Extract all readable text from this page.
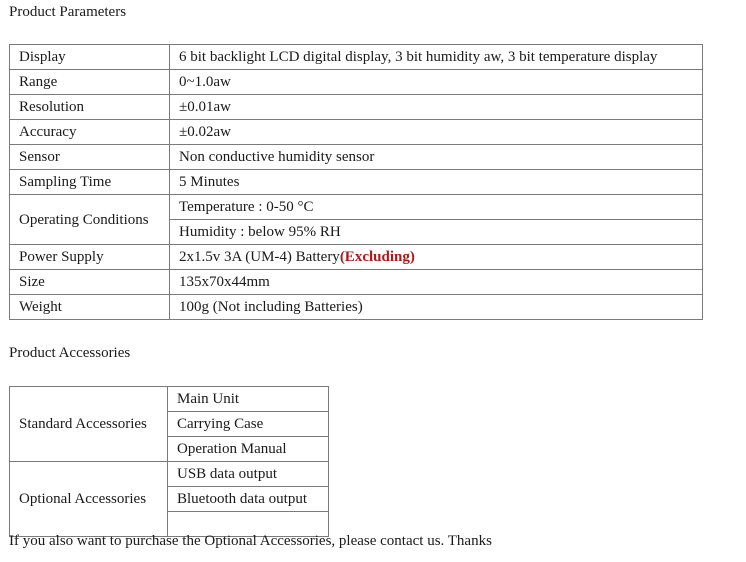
Product Parameters
Display	6 bit backlight LCD digital display, 3 bit humidity aw, 3 bit temperature display
Range	0~1.0aw
Resolution	±0.01aw
Accuracy	±0.02aw
Sensor	Non conductive humidity sensor
Sampling Time	5 Minutes
Operating Conditions	Temperature : 0-50 °C
	Humidity : below 95% RH
Power Supply	2x1.5v 3A (UM-4) Battery(Excluding)
Size	135x70x44mm
Weight	100g (Not including Batteries)
Product Accessories
Standard Accessories	Main Unit
	Carrying Case
	Operation Manual
Optional Accessories	USB data output
	Bluetooth data output

If you also want to purchase the Optional Accessories, please contact us. Thanks
